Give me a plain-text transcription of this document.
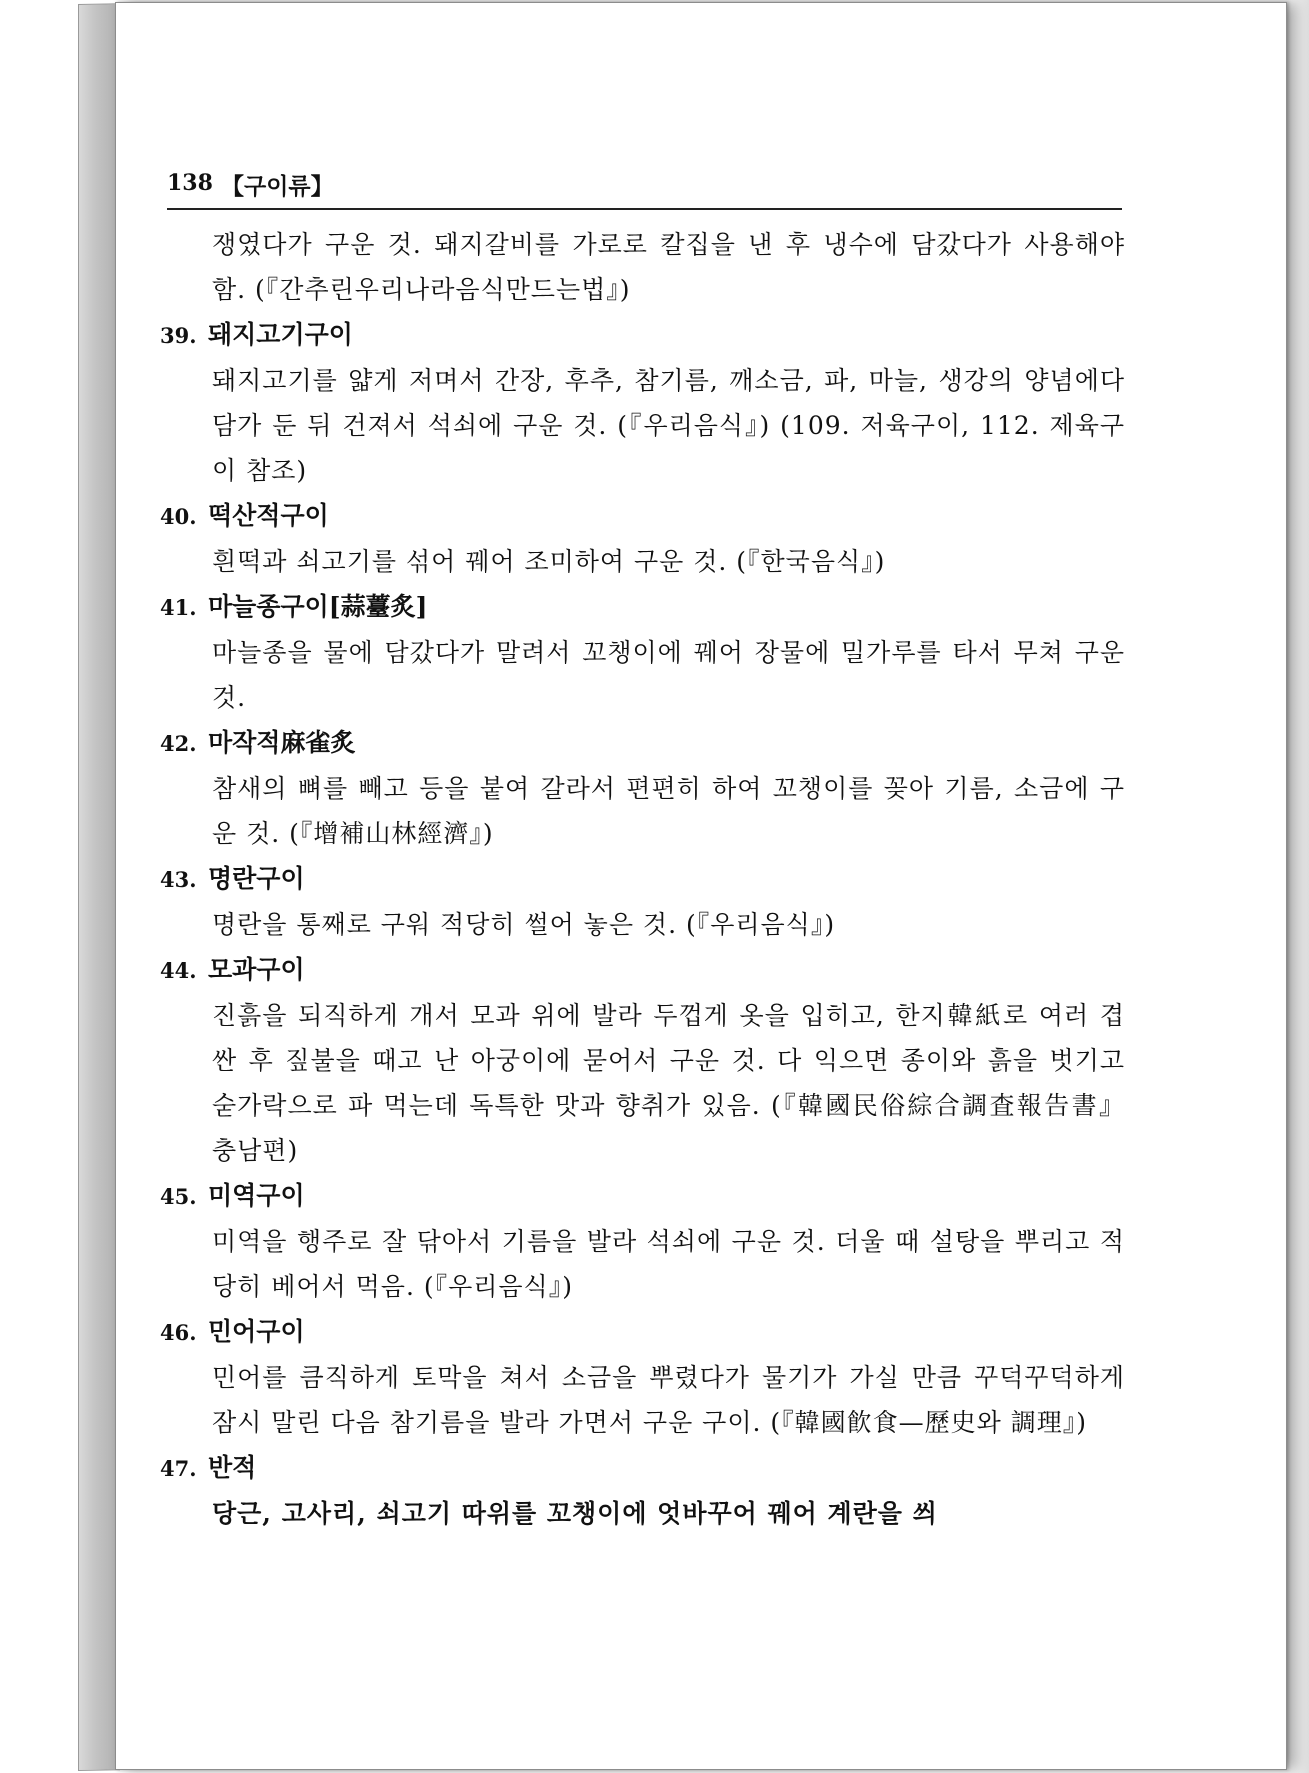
138 【구이류】
쟁였다가 구운 것. 돼지갈비를 가로로 칼집을 낸 후 냉수에 담갔다가 사용해야 함. (『간추린우리나라음식만드는법』)
39. 돼지고기구이
돼지고기를 얇게 저며서 간장, 후추, 참기름, 깨소금, 파, 마늘, 생강의 양념에다 담가 둔 뒤 건져서 석쇠에 구운 것. (『우리음식』) (109. 저육구이, 112. 제육구이 참조)
40. 떡산적구이
흰떡과 쇠고기를 섞어 꿰어 조미하여 구운 것. (『한국음식』)
41. 마늘종구이[蒜薹炙]
마늘종을 물에 담갔다가 말려서 꼬챙이에 꿰어 장물에 밀가루를 타서 무쳐 구운 것.
42. 마작적麻雀炙
참새의 뼈를 빼고 등을 붙여 갈라서 편편히 하여 꼬챙이를 꽂아 기름, 소금에 구운 것. (『增補山林經濟』)
43. 명란구이
명란을 통째로 구워 적당히 썰어 놓은 것. (『우리음식』)
44. 모과구이
진흙을 되직하게 개서 모과 위에 발라 두껍게 옷을 입히고, 한지韓紙로 여러 겹 싼 후 짚불을 때고 난 아궁이에 묻어서 구운 것. 다 익으면 종이와 흙을 벗기고 숟가락으로 파 먹는데 독특한 맛과 향취가 있음. (『韓國民俗綜合調査報告書』 충남편)
45. 미역구이
미역을 행주로 잘 닦아서 기름을 발라 석쇠에 구운 것. 더울 때 설탕을 뿌리고 적당히 베어서 먹음. (『우리음식』)
46. 민어구이
민어를 큼직하게 토막을 쳐서 소금을 뿌렸다가 물기가 가실 만큼 꾸덕꾸덕하게 잠시 말린 다음 참기름을 발라 가면서 구운 구이. (『韓國飮食—歷史와 調理』)
47. 반적
당근, 고사리, 쇠고기 따위를 꼬챙이에 엇바꾸어 꿰어 계란을 씌
